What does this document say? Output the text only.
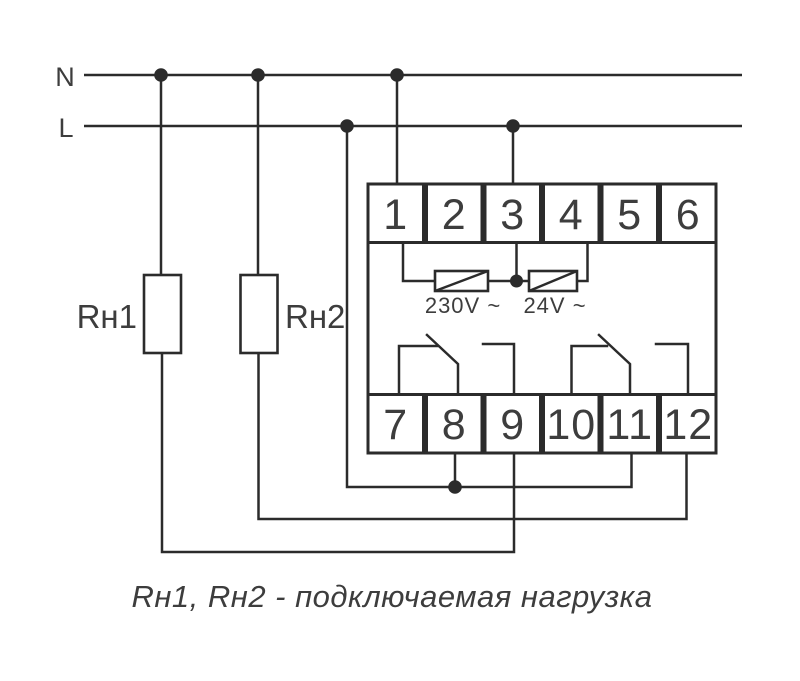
N
L
Rн1	Rн2	230V ~ 24V ~
1 2 3 4 5 6
7 8 9 10 11 12
Rн1, Rн2 - подключаемая нагрузка
